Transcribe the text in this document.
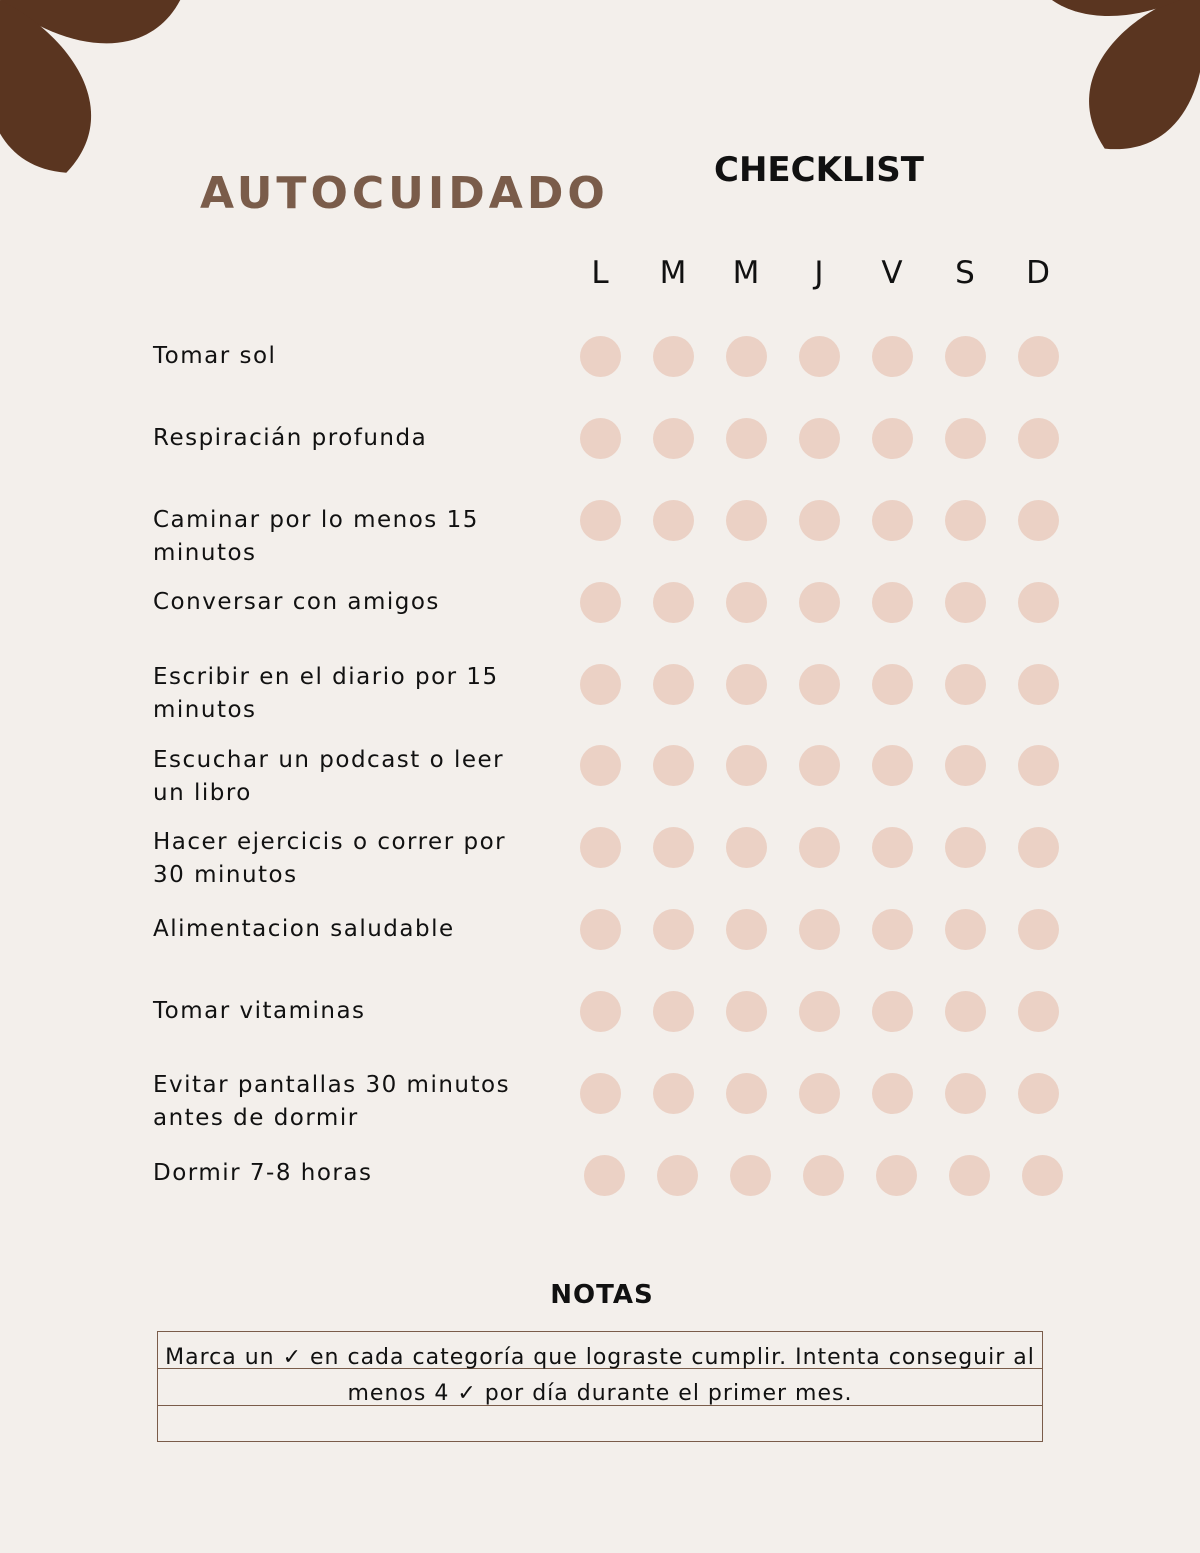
AUTOCUIDADO	CHECKLIST
L	M	M	J	V	S	D
Tomar sol
Respiracián profunda
Caminar por lo menos 15 minutos
Conversar con amigos
Escribir en el diario por 15 minutos
Escuchar un podcast o leer un libro
Hacer ejercicis o correr por 30 minutos
Alimentacion saludable
Tomar vitaminas
Evitar pantallas 30 minutos antes de dormir
Dormir 7-8 horas
NOTAS

Marca un ✓ en cada categoría que lograste cumplir. Intenta conseguir al menos 4 ✓ por día durante el primer mes.
